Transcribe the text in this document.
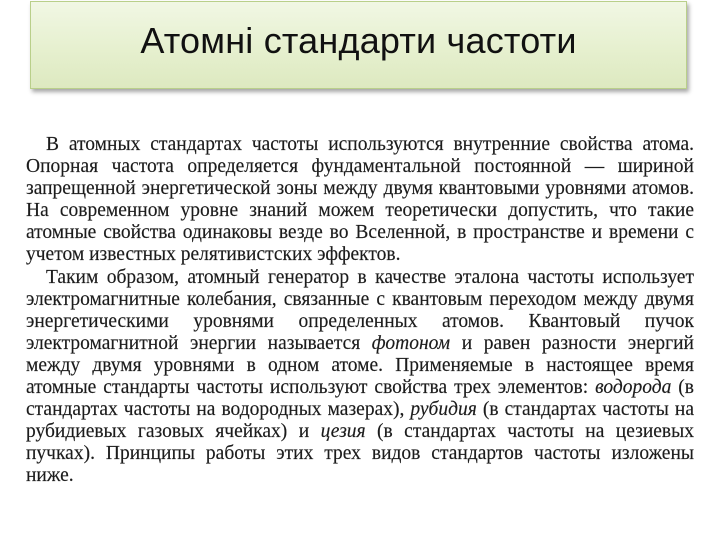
Атомні стандарти частоти

В атомных стандартах частоты используются внутренние свойства атома. Опорная частота определяется фундаментальной постоянной — шириной запрещенной энергетической зоны между двумя квантовыми уровнями атомов. На современном уровне знаний можем теоретически допустить, что такие атомные свойства одинаковы везде во Вселенной, в пространстве и времени с учетом известных релятивистских эффектов.

Таким образом, атомный генератор в качестве эталона частоты использует электромагнитные колебания, связанные с квантовым переходом между двумя энергетическими уровнями определенных атомов. Квантовый пучок электромагнитной энергии называется фотоном и равен разности энергий между двумя уровнями в одном атоме. Применяемые в настоящее время атомные стандарты частоты используют свойства трех элементов: водорода (в стандартах частоты на водородных мазерах), рубидия (в стандартах частоты на рубидиевых газовых ячейках) и цезия (в стандартах частоты на цезиевых пучках). Принципы работы этих трех видов стандартов частоты изложены ниже.
